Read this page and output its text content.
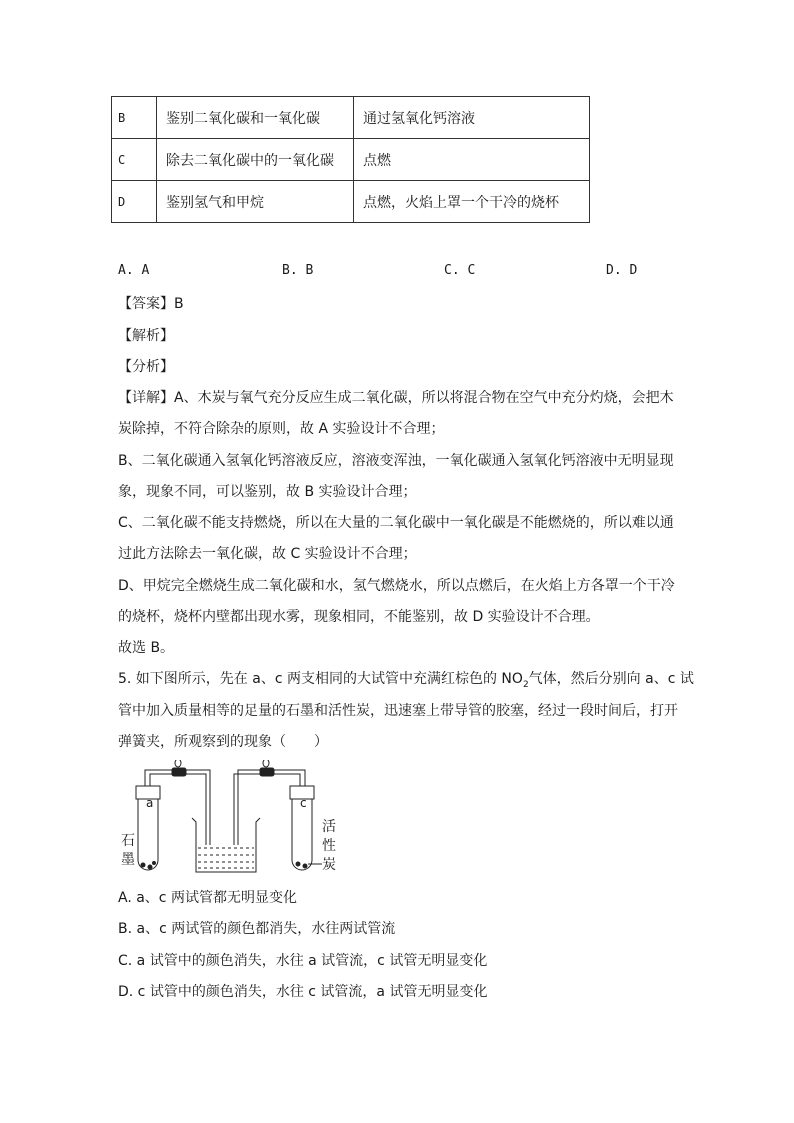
B	鉴别二氧化碳和一氧化碳	通过氢氧化钙溶液
C	除去二氧化碳中的一氧化碳	点燃
D	鉴别氢气和甲烷	点燃，火焰上罩一个干冷的烧杯
A. A	B. B	C. C	D. D
【答案】B
【解析】
【分析】
【详解】A、木炭与氧气充分反应生成二氧化碳，所以将混合物在空气中充分灼烧，会把木
炭除掉，不符合除杂的原则，故 A 实验设计不合理；
B、二氧化碳通入氢氧化钙溶液反应，溶液变浑浊，一氧化碳通入氢氧化钙溶液中无明显现
象，现象不同，可以鉴别，故 B 实验设计合理；
C、二氧化碳不能支持燃烧，所以在大量的二氧化碳中一氧化碳是不能燃烧的，所以难以通
过此方法除去一氧化碳，故 C 实验设计不合理；
D、甲烷完全燃烧生成二氧化碳和水，氢气燃烧水，所以点燃后，在火焰上方各罩一个干冷
的烧杯，烧杯内壁都出现水雾，现象相同，不能鉴别，故 D 实验设计不合理。
故选 B。
5. 如下图所示，先在 a、c 两支相同的大试管中充满红棕色的 $NO_2$气体，然后分别向 a、c 试
管中加入质量相等的足量的石墨和活性炭，迅速塞上带导管的胶塞，经过一段时间后，打开
弹簧夹，所观察到的现象（　　）
a	c
石
墨
活
性
炭
A. a、c 两试管都无明显变化
B. a、c 两试管的颜色都消失，水往两试管流
C. a 试管中的颜色消失，水往 a 试管流，c 试管无明显变化
D. c 试管中的颜色消失，水往 c 试管流，a 试管无明显变化
